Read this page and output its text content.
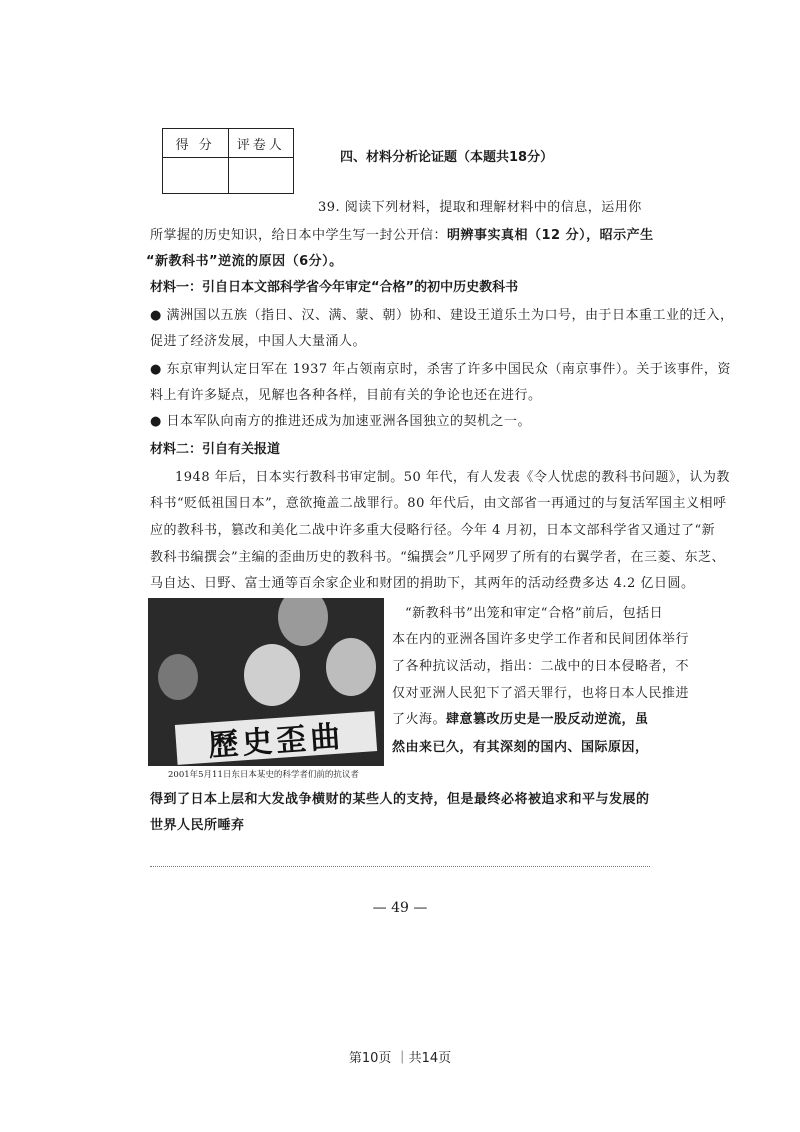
得 分	评卷人

四、材料分析论证题（本题共18分）
39. 阅读下列材料，提取和理解材料中的信息，运用你
所掌握的历史知识，给日本中学生写一封公开信：明辨事实真相（12 分），昭示产生
“新教科书”逆流的原因（6分）。
材料一：引自日本文部科学省今年审定“合格”的初中历史教科书
● 满洲国以五族（指日、汉、满、蒙、朝）协和、建设王道乐土为口号，由于日本重工业的迁入，
促进了经济发展，中国人大量涌人。
● 东京审判认定日军在 1937 年占领南京时，杀害了许多中国民众（南京事件）。关于该事件，资
料上有许多疑点，见解也各种各样，目前有关的争论也还在进行。
● 日本军队向南方的推进还成为加速亚洲各国独立的契机之一。
材料二：引自有关报道
1948 年后，日本实行教科书审定制。50 年代，有人发表《令人忧虑的教科书问题》，认为教
科书“贬低祖国日本”，意欲掩盖二战罪行。80 年代后，由文部省一再通过的与复活军国主义相呼
应的教科书，篡改和美化二战中许多重大侵略行径。今年 4 月初，日本文部科学省又通过了“新
教科书编撰会”主编的歪曲历史的教科书。“编撰会”几乎网罗了所有的右翼学者，在三菱、东芝、
马自达、日野、富士通等百余家企业和财团的捐助下，其两年的活动经费多达 4.2 亿日圆。
歷史歪曲
2001年5月11日东日本某史的科学者们前的抗议者
“新教科书”出笼和审定“合格”前后，包括日
本在内的亚洲各国许多史学工作者和民间团体举行
了各种抗议活动，指出：二战中的日本侵略者，不
仅对亚洲人民犯下了滔天罪行，也将日本人民推进
了火海。肆意篡改历史是一股反动逆流，虽
然由来已久，有其深刻的国内、国际原因，
得到了日本上层和大发战争横财的某些人的支持，但是最终必将被追求和平与发展的
世界人民所唾弃
— 49 —
第10页 ｜共14页
